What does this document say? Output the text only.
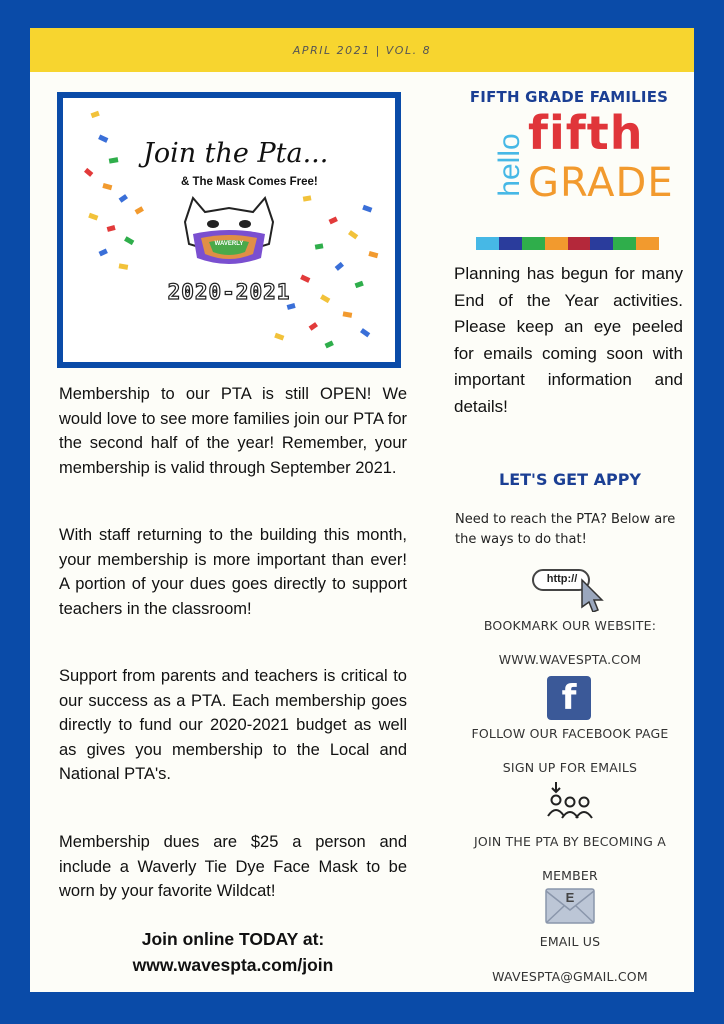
APRIL 2021 | VOL. 8
Join the Pta...
& The Mask Comes Free!
WAVERLY
2020-2021

Membership to our PTA is still OPEN! We would love to see more families join our PTA for the second half of the year! Remember, your membership is valid through September 2021.

With staff returning to the building this month, your membership is more important than ever! A portion of your dues goes directly to support teachers in the classroom!

Support from parents and teachers is critical to our success as a PTA. Each membership goes directly to fund our 2020-2021 budget as well as gives you membership to the Local and National PTA's.

Membership dues are $25 a person and include a Waverly Tie Dye Face Mask to be worn by your favorite Wildcat!

Join online TODAY at:
www.wavespta.com/join
FIFTH GRADE FAMILIES
hello
fifth
GRADE

Planning has begun for many End of the Year activities. Please keep an eye peeled for emails coming soon with important information and details!

LET'S GET APPY

Need to reach the PTA? Below are the ways to do that!

http://
BOOKMARK OUR WEBSITE:
WWW.WAVESPTA.COM
f
FOLLOW OUR FACEBOOK PAGE
SIGN UP FOR EMAILS
JOIN THE PTA BY BECOMING A
MEMBER
E
EMAIL US
WAVESPTA@GMAIL.COM
